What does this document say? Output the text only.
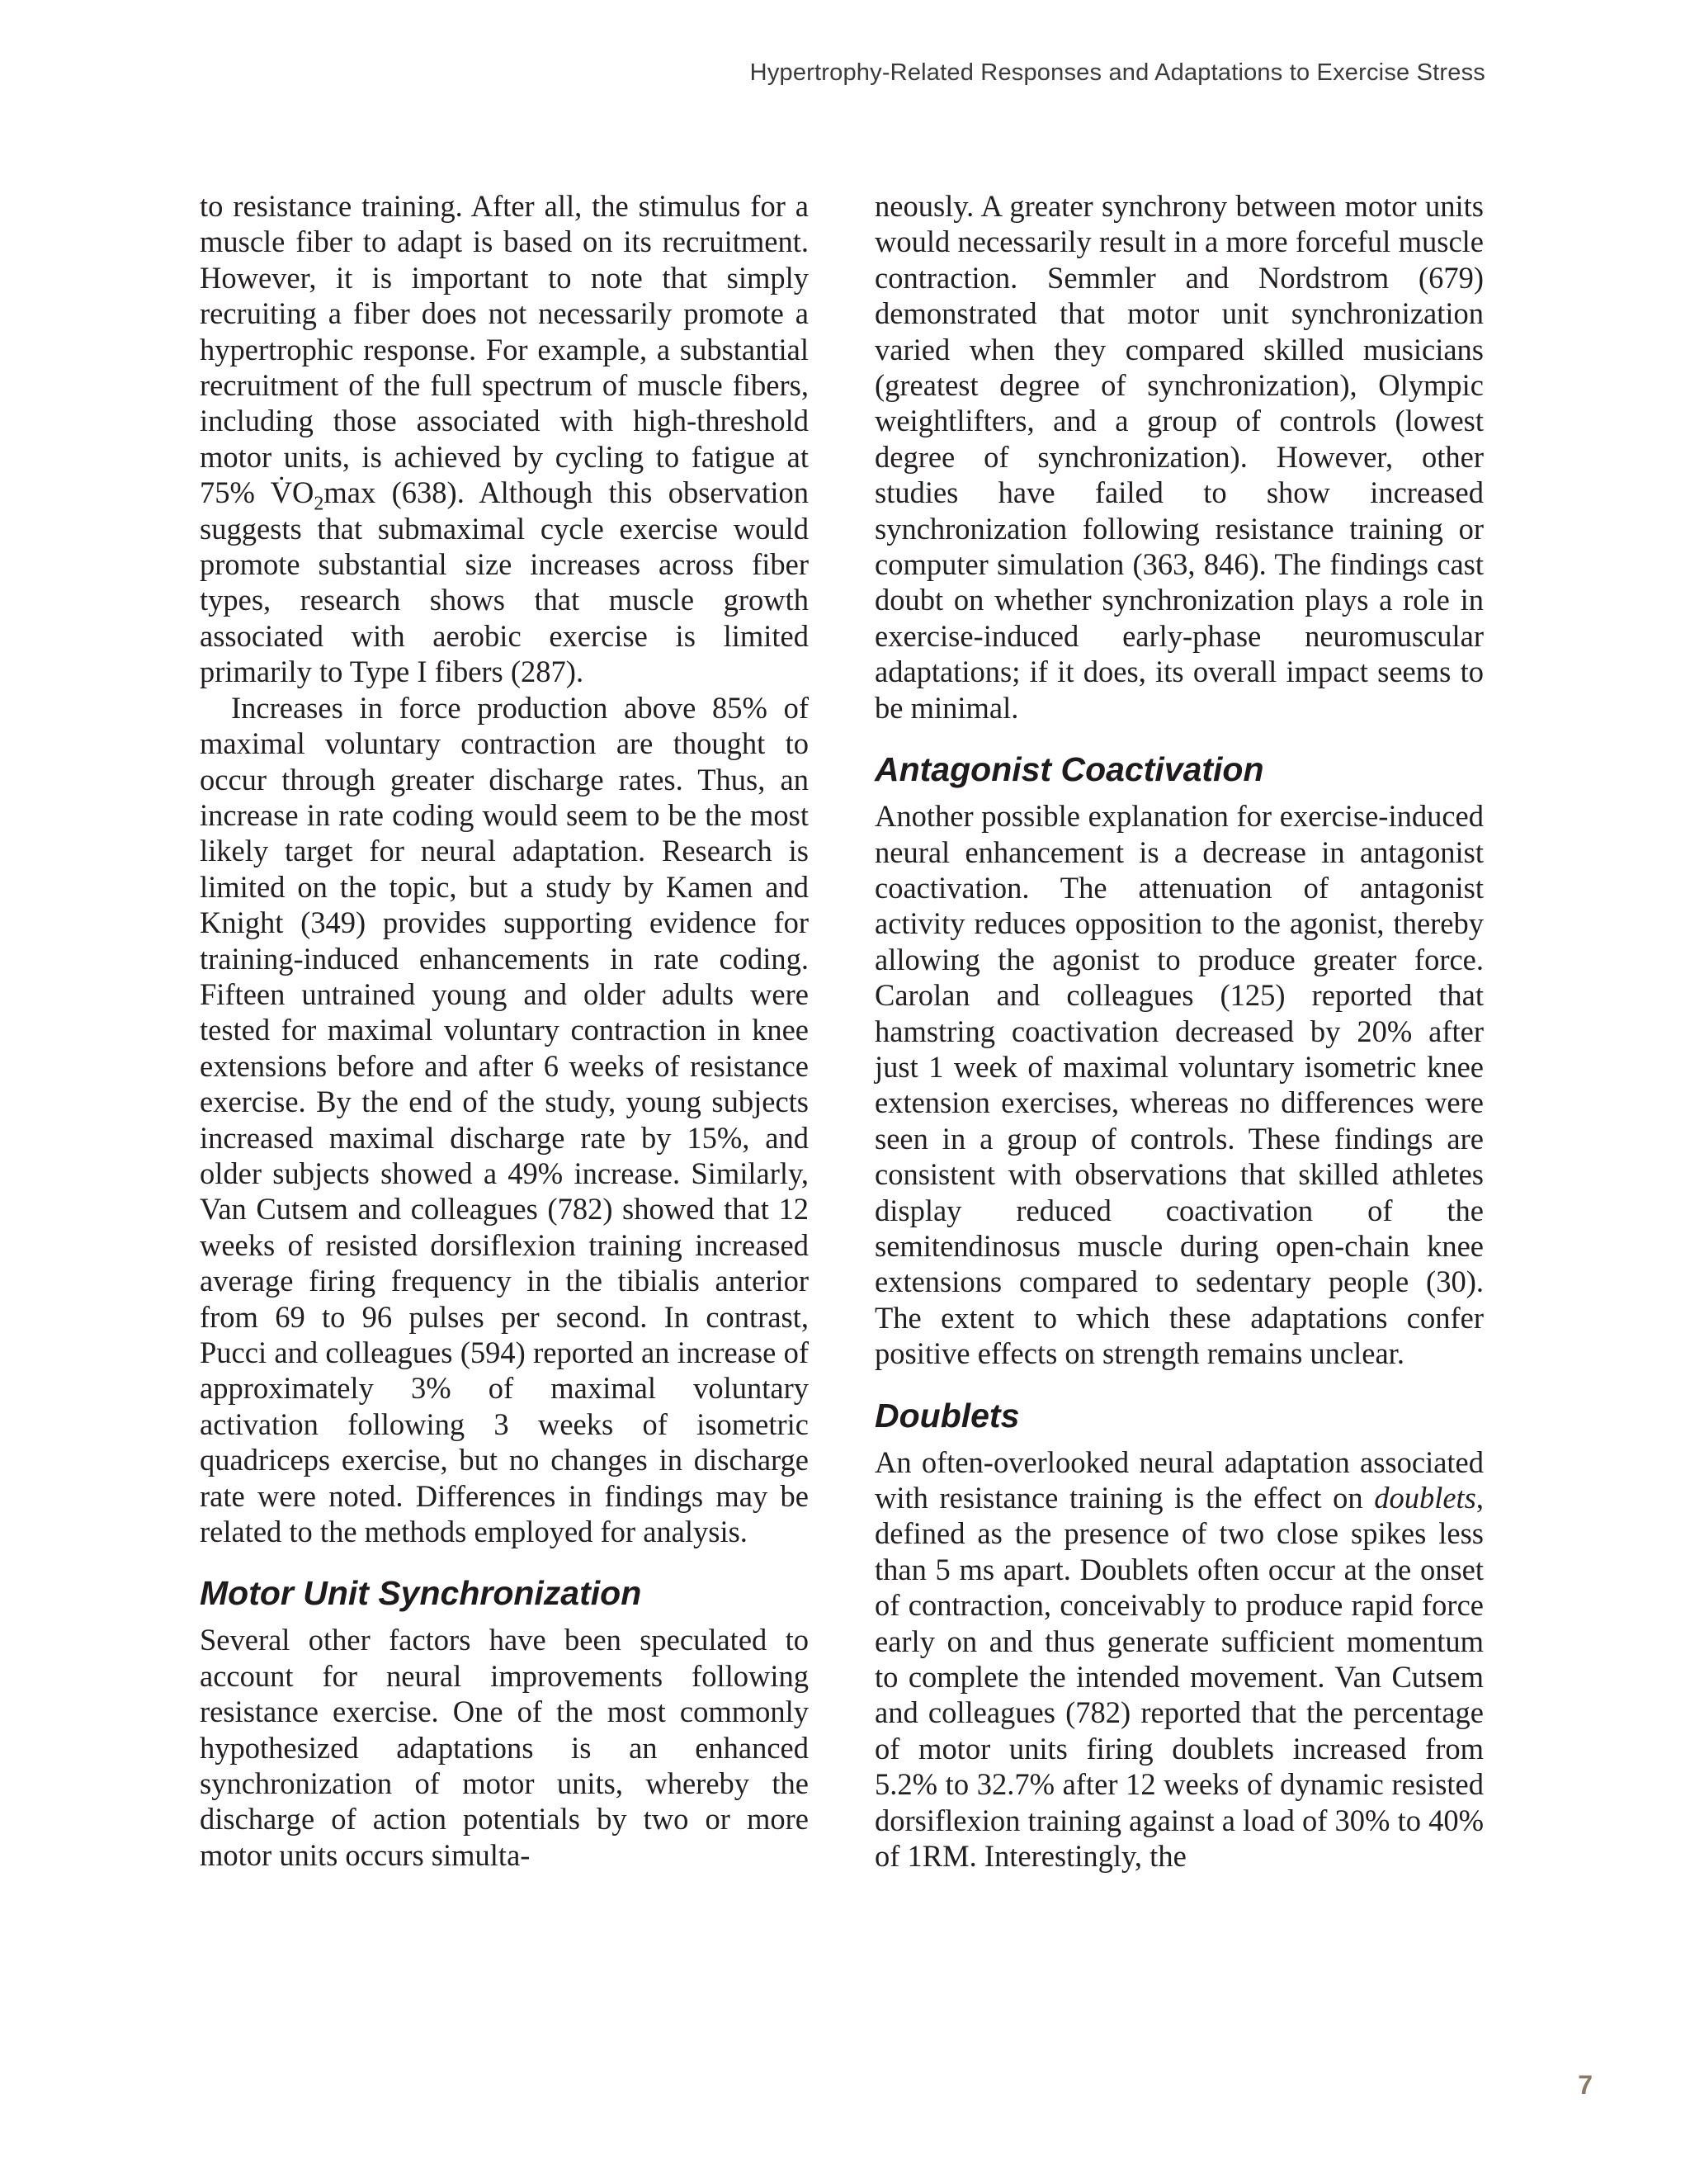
Hypertrophy-Related Responses and Adaptations to Exercise Stress

to resistance training. After all, the stimulus for a muscle fiber to adapt is based on its recruitment. However, it is important to note that simply recruiting a fiber does not necessarily promote a hypertrophic response. For example, a substantial recruitment of the full spectrum of muscle fibers, including those associated with high-threshold motor units, is achieved by cycling to fatigue at 75% $V̇O_2\max$ (638). Although this observation suggests that submaximal cycle exercise would promote substantial size increases across fiber types, research shows that muscle growth associated with aerobic exercise is limited primarily to Type I fibers (287).

Increases in force production above 85% of maximal voluntary contraction are thought to occur through greater discharge rates. Thus, an increase in rate coding would seem to be the most likely target for neural adaptation. Research is limited on the topic, but a study by Kamen and Knight (349) provides supporting evidence for training-induced enhancements in rate coding. Fifteen untrained young and older adults were tested for maximal voluntary contraction in knee extensions before and after 6 weeks of resistance exercise. By the end of the study, young subjects increased maximal discharge rate by 15%, and older subjects showed a 49% increase. Similarly, Van Cutsem and colleagues (782) showed that 12 weeks of resisted dorsiflexion training increased average firing frequency in the tibialis anterior from 69 to 96 pulses per second. In contrast, Pucci and colleagues (594) reported an increase of approximately 3% of maximal voluntary activation following 3 weeks of isometric quadriceps exercise, but no changes in discharge rate were noted. Differences in findings may be related to the methods employed for analysis.

Motor Unit Synchronization

Several other factors have been speculated to account for neural improvements following resistance exercise. One of the most commonly hypothesized adaptations is an enhanced synchronization of motor units, whereby the discharge of action potentials by two or more motor units occurs simulta-

neously. A greater synchrony between motor units would necessarily result in a more forceful muscle contraction. Semmler and Nordstrom (679) demonstrated that motor unit synchronization varied when they compared skilled musicians (greatest degree of synchronization), Olympic weightlifters, and a group of controls (lowest degree of synchronization). However, other studies have failed to show increased synchronization following resistance training or computer simulation (363, 846). The findings cast doubt on whether synchronization plays a role in exercise-induced early-phase neuromuscular adaptations; if it does, its overall impact seems to be minimal.

Antagonist Coactivation

Another possible explanation for exercise-induced neural enhancement is a decrease in antagonist coactivation. The attenuation of antagonist activity reduces opposition to the agonist, thereby allowing the agonist to produce greater force. Carolan and colleagues (125) reported that hamstring coactivation decreased by 20% after just 1 week of maximal voluntary isometric knee extension exercises, whereas no differences were seen in a group of controls. These findings are consistent with observations that skilled athletes display reduced coactivation of the semitendinosus muscle during open-chain knee extensions compared to sedentary people (30). The extent to which these adaptations confer positive effects on strength remains unclear.

Doublets

An often-overlooked neural adaptation associated with resistance training is the effect on doublets, defined as the presence of two close spikes less than 5 ms apart. Doublets often occur at the onset of contraction, conceivably to produce rapid force early on and thus generate sufficient momentum to complete the intended movement. Van Cutsem and colleagues (782) reported that the percentage of motor units firing doublets increased from 5.2% to 32.7% after 12 weeks of dynamic resisted dorsiflexion training against a load of 30% to 40% of 1RM. Interestingly, the

7
